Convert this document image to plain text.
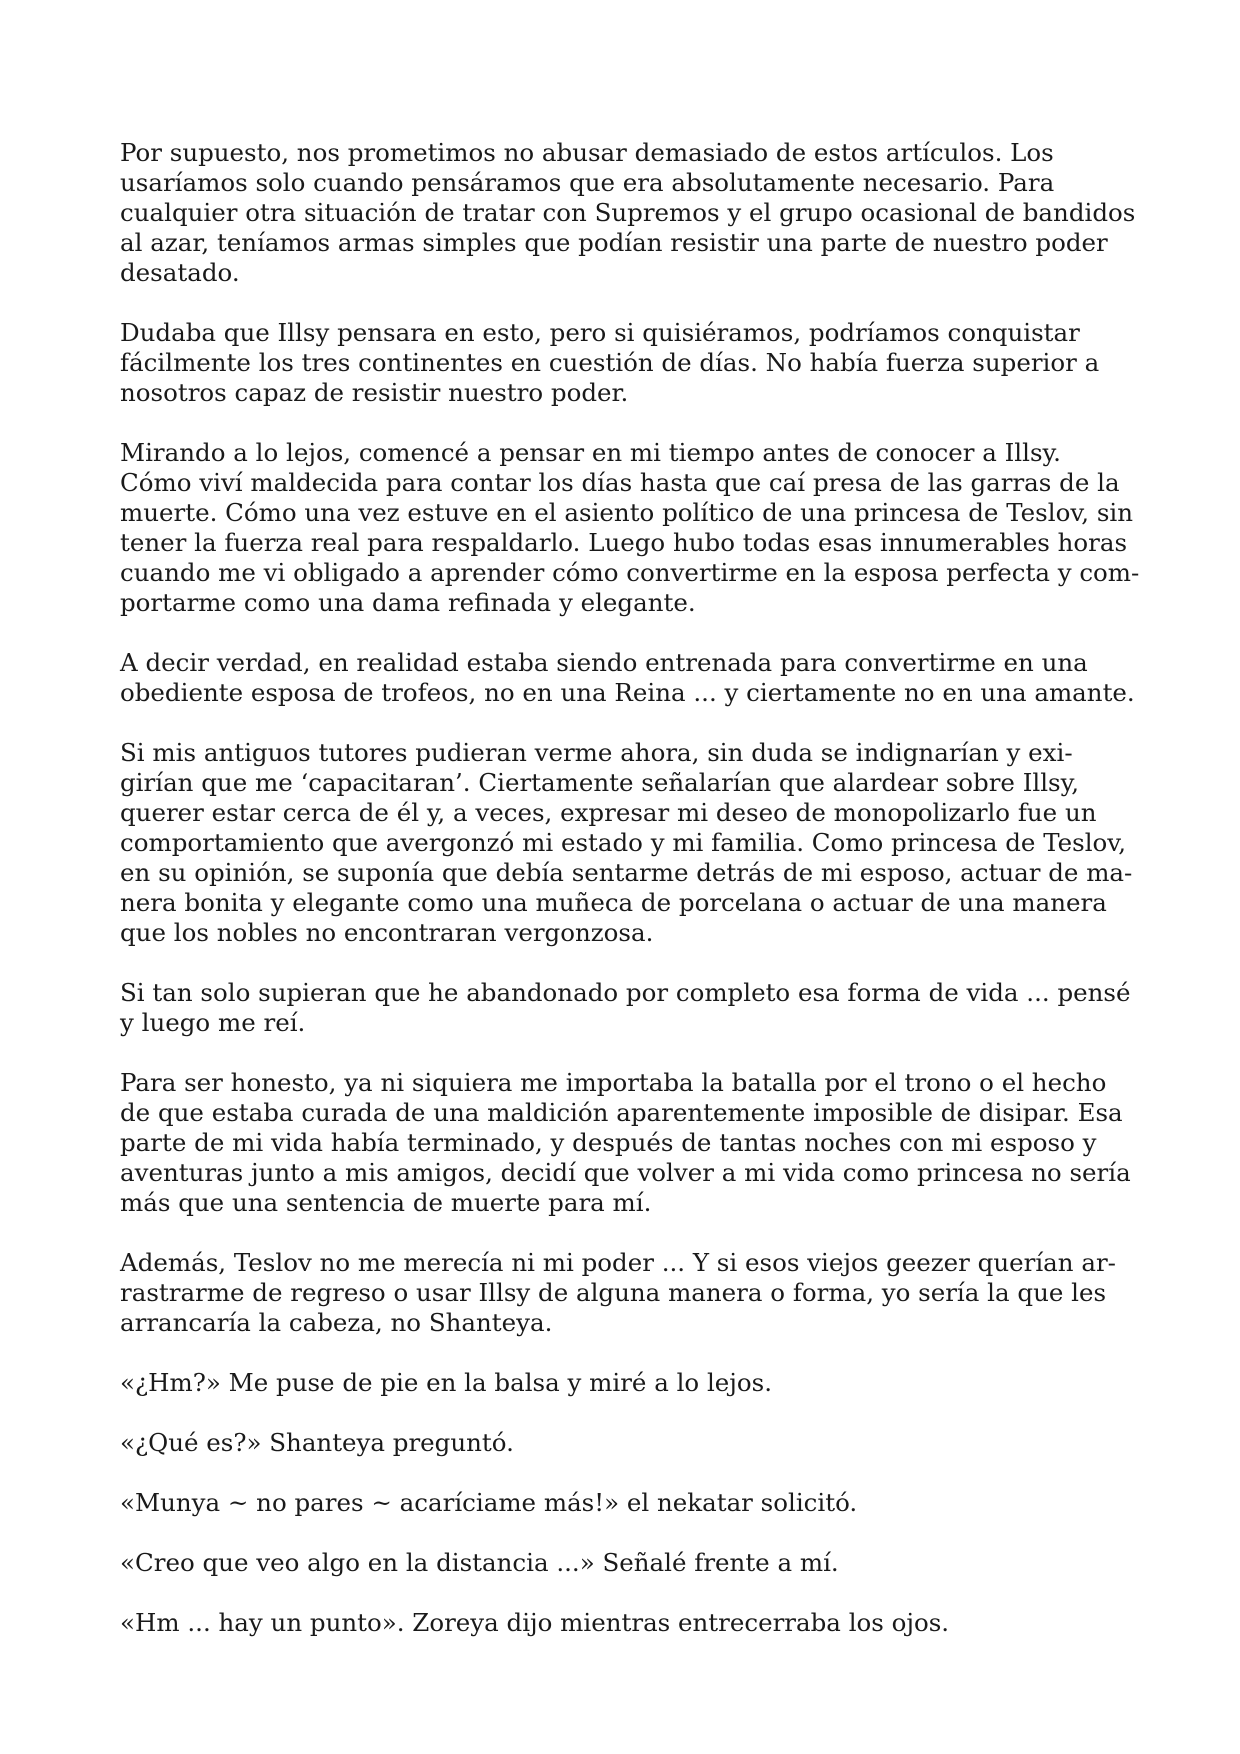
Por supuesto, nos prometimos no abusar demasiado de estos artículos. Los
usaríamos solo cuando pensáramos que era absolutamente necesario. Para
cualquier otra situación de tratar con Supremos y el grupo ocasional de bandidos
al azar, teníamos armas simples que podían resistir una parte de nuestro poder
desatado.

Dudaba que Illsy pensara en esto, pero si quisiéramos, podríamos conquistar
fácilmente los tres continentes en cuestión de días. No había fuerza superior a
nosotros capaz de resistir nuestro poder.

Mirando a lo lejos, comencé a pensar en mi tiempo antes de conocer a Illsy.
Cómo viví maldecida para contar los días hasta que caí presa de las garras de la
muerte. Cómo una vez estuve en el asiento político de una princesa de Teslov, sin
tener la fuerza real para respaldarlo. Luego hubo todas esas innumerables horas
cuando me vi obligado a aprender cómo convertirme en la esposa perfecta y com-
portarme como una dama refinada y elegante.

A decir verdad, en realidad estaba siendo entrenada para convertirme en una
obediente esposa de trofeos, no en una Reina ... y ciertamente no en una amante.

Si mis antiguos tutores pudieran verme ahora, sin duda se indignarían y exi-
girían que me ‘capacitaran’. Ciertamente señalarían que alardear sobre Illsy,
querer estar cerca de él y, a veces, expresar mi deseo de monopolizarlo fue un
comportamiento que avergonzó mi estado y mi familia. Como princesa de Teslov,
en su opinión, se suponía que debía sentarme detrás de mi esposo, actuar de ma-
nera bonita y elegante como una muñeca de porcelana o actuar de una manera
que los nobles no encontraran vergonzosa.

Si tan solo supieran que he abandonado por completo esa forma de vida ... pensé
y luego me reí.

Para ser honesto, ya ni siquiera me importaba la batalla por el trono o el hecho
de que estaba curada de una maldición aparentemente imposible de disipar. Esa
parte de mi vida había terminado, y después de tantas noches con mi esposo y
aventuras junto a mis amigos, decidí que volver a mi vida como princesa no sería
más que una sentencia de muerte para mí.

Además, Teslov no me merecía ni mi poder ... Y si esos viejos geezer querían ar-
rastrarme de regreso o usar Illsy de alguna manera o forma, yo sería la que les
arrancaría la cabeza, no Shanteya.

«¿Hm?» Me puse de pie en la balsa y miré a lo lejos.

«¿Qué es?» Shanteya preguntó.

«Munya ~ no pares ~ acaríciame más!» el nekatar solicitó.

«Creo que veo algo en la distancia ...» Señalé frente a mí.

«Hm ... hay un punto». Zoreya dijo mientras entrecerraba los ojos.
